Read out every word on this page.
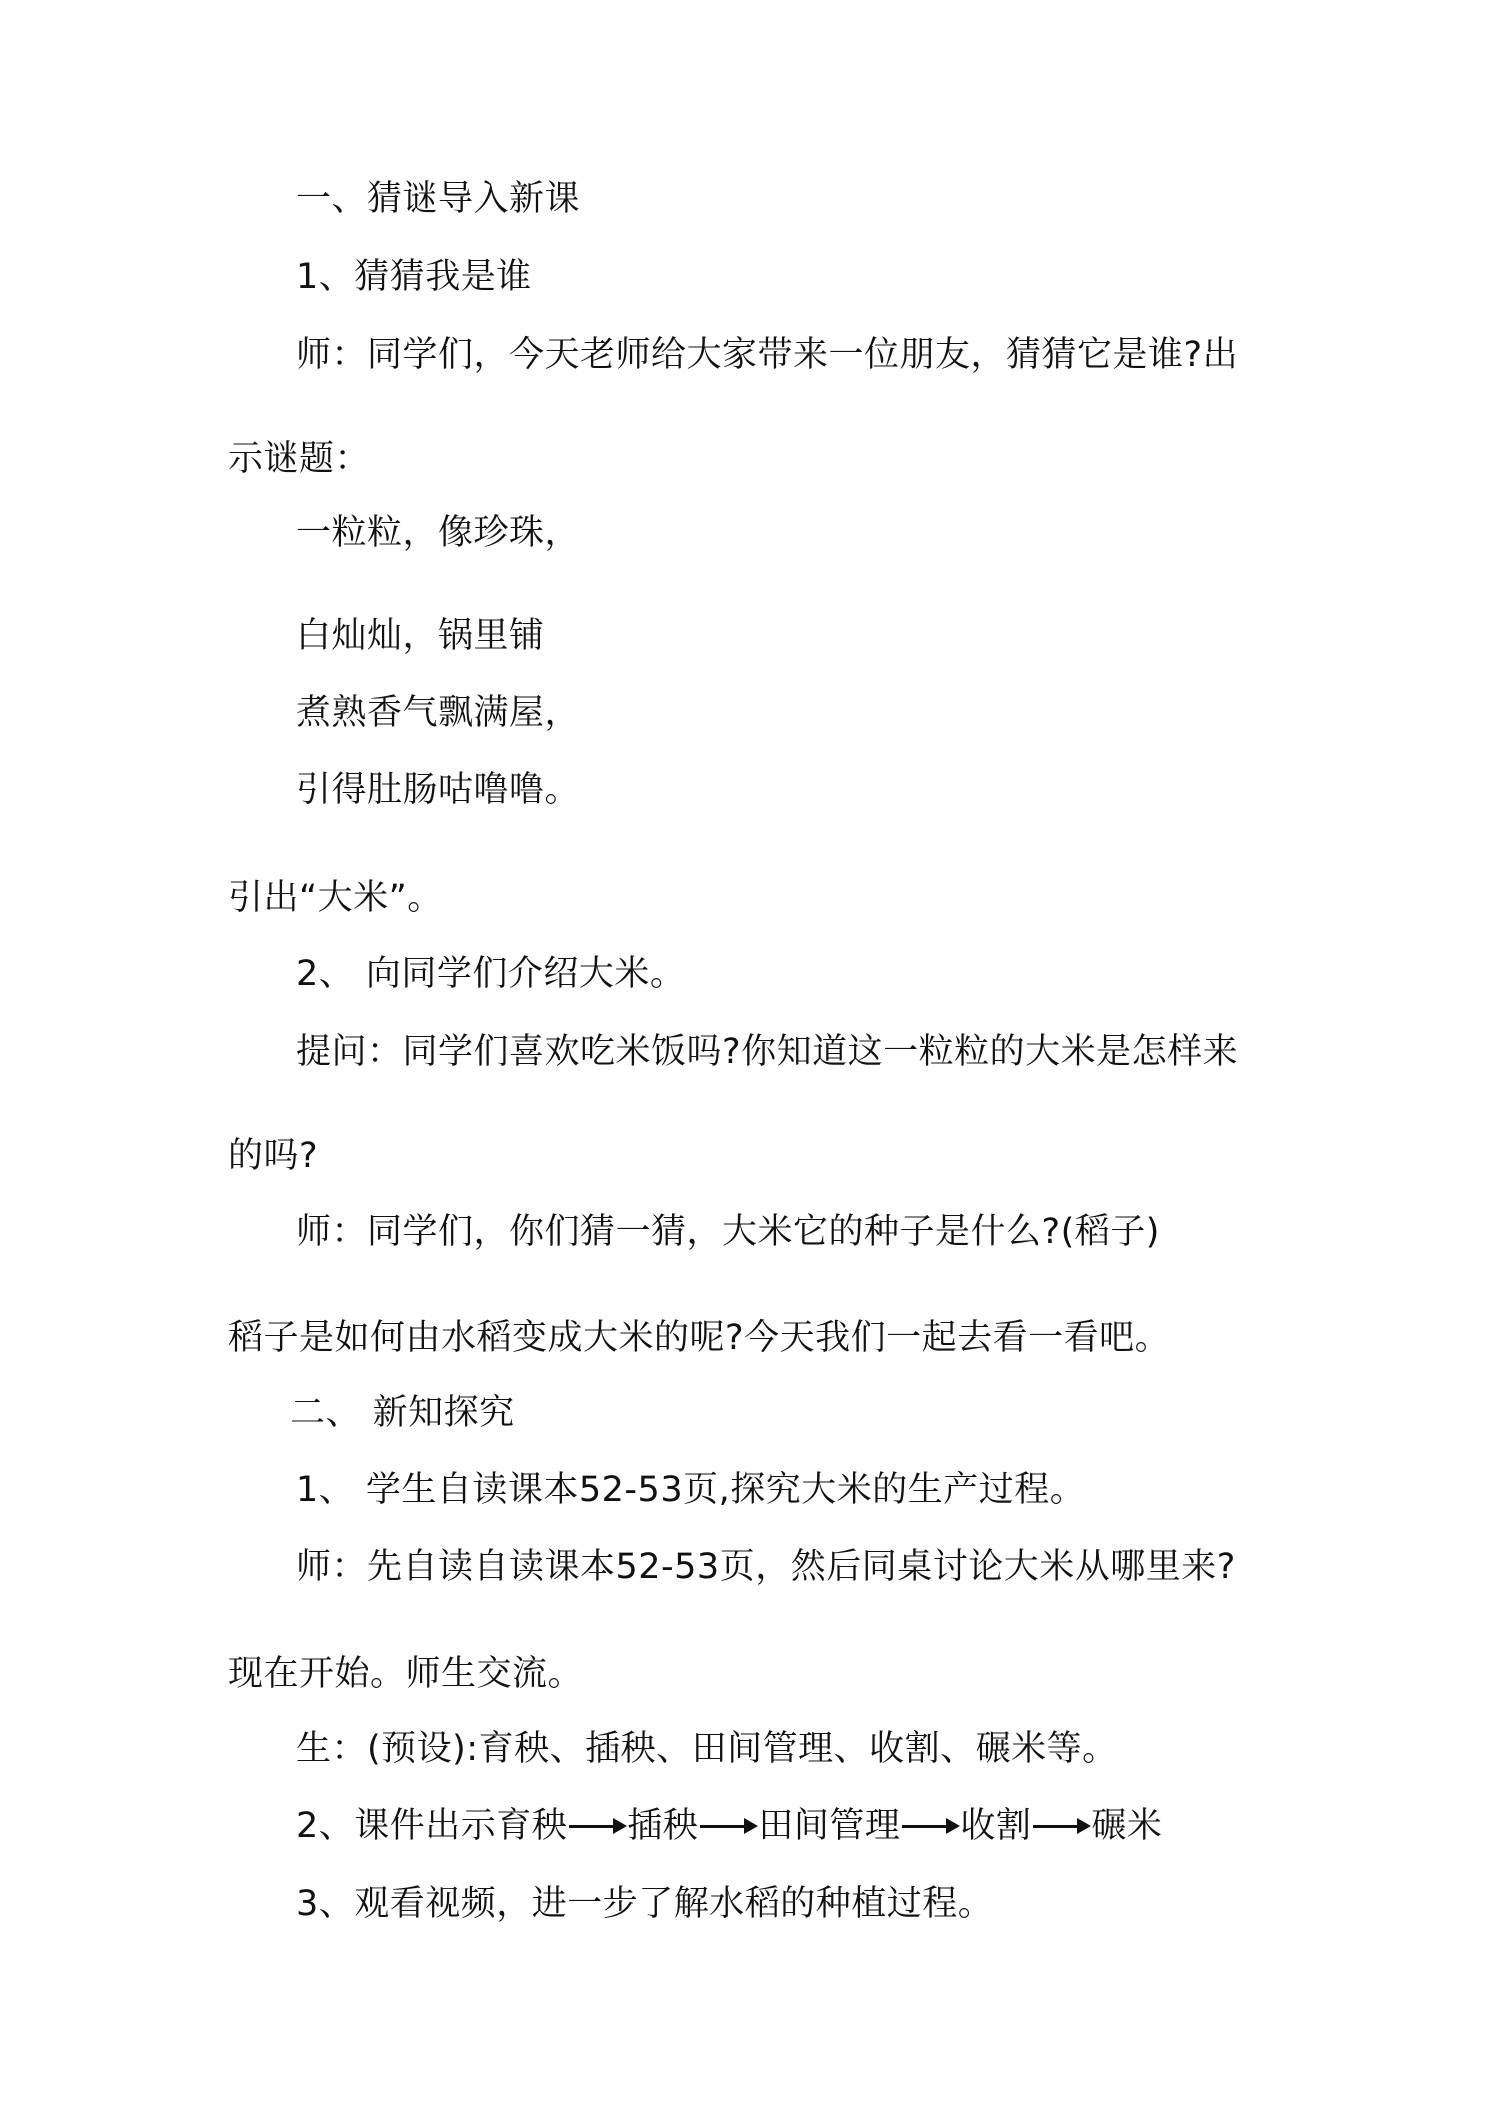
一、猜谜导入新课
1、猜猜我是谁
师：同学们，今天老师给大家带来一位朋友，猜猜它是谁?出
示谜题：
一粒粒，像珍珠，
白灿灿，锅里铺
煮熟香气飘满屋，
引得肚肠咕噜噜。
引出“大米”。
2、 向同学们介绍大米。
提问：同学们喜欢吃米饭吗?你知道这一粒粒的大米是怎样来
的吗?
师：同学们，你们猜一猜，大米它的种子是什么?(稻子)
稻子是如何由水稻变成大米的呢?今天我们一起去看一看吧。
二、 新知探究
1、 学生自读课本52-53页,探究大米的生产过程。
师：先自读自读课本52-53页，然后同桌讨论大米从哪里来?
现在开始。师生交流。
生：(预设):育秧、插秧、田间管理、收割、碾米等。
2、课件出示 育秧 插秧 田间管理 收割 碾米
3、观看视频，进一步了解水稻的种植过程。
